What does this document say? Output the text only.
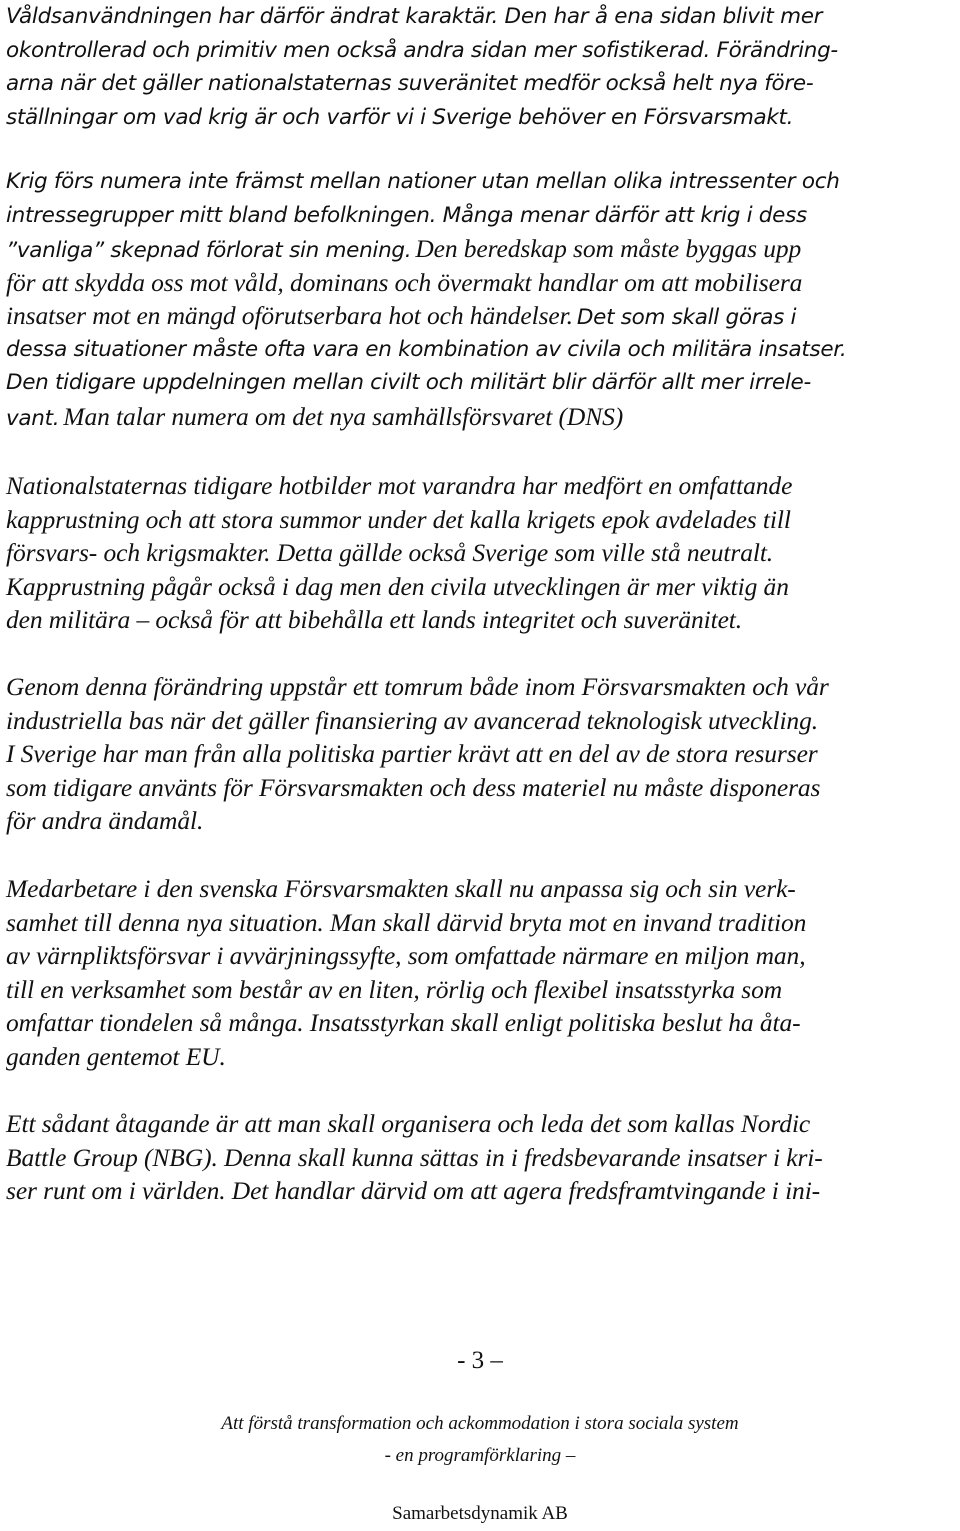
Våldsanvändningen har därför ändrat karaktär. Den har å ena sidan blivit mer
okontrollerad och primitiv men också andra sidan mer sofistikerad. Förändring-
arna när det gäller nationalstaternas suveränitet medför också helt nya före-
ställningar om vad krig är och varför vi i Sverige behöver en Försvarsmakt.
Krig förs numera inte främst mellan nationer utan mellan olika intressenter och
intressegrupper mitt bland befolkningen. Många menar därför att krig i dess
”vanliga” skepnad förlorat sin mening. Den beredskap som måste byggas upp
för att skydda oss mot våld, dominans och övermakt handlar om att mobilisera
insatser mot en mängd oförutserbara hot och händelser. Det som skall göras i
dessa situationer måste ofta vara en kombination av civila och militära insatser.
Den tidigare uppdelningen mellan civilt och militärt blir därför allt mer irrele-
vant. Man talar numera om det nya samhällsförsvaret (DNS)
Nationalstaternas tidigare hotbilder mot varandra har medfört en omfattande
kapprustning och att stora summor under det kalla krigets epok avdelades till
försvars- och krigsmakter. Detta gällde också Sverige som ville stå neutralt.
Kapprustning pågår också i dag men den civila utvecklingen är mer viktig än
den militära – också för att bibehålla ett lands integritet och suveränitet.
Genom denna förändring uppstår ett tomrum både inom Försvarsmakten och vår
industriella bas när det gäller finansiering av avancerad teknologisk utveckling.
I Sverige har man från alla politiska partier krävt att en del av de stora resurser
som tidigare använts för Försvarsmakten och dess materiel nu måste disponeras
för andra ändamål.
Medarbetare i den svenska Försvarsmakten skall nu anpassa sig och sin verk-
samhet till denna nya situation. Man skall därvid bryta mot en invand tradition
av värnpliktsförsvar i avvärjningssyfte, som omfattade närmare en miljon man,
till en verksamhet som består av en liten, rörlig och flexibel insatsstyrka som
omfattar tiondelen så många. Insatsstyrkan skall enligt politiska beslut ha åta-
ganden gentemot EU.
Ett sådant åtagande är att man skall organisera och leda det som kallas Nordic
Battle Group (NBG). Denna skall kunna sättas in i fredsbevarande insatser i kri-
ser runt om i världen. Det handlar därvid om att agera fredsframtvingande i ini-
- 3 –
Att förstå transformation och ackommodation i stora sociala system
- en programförklaring –
Samarbetsdynamik AB
